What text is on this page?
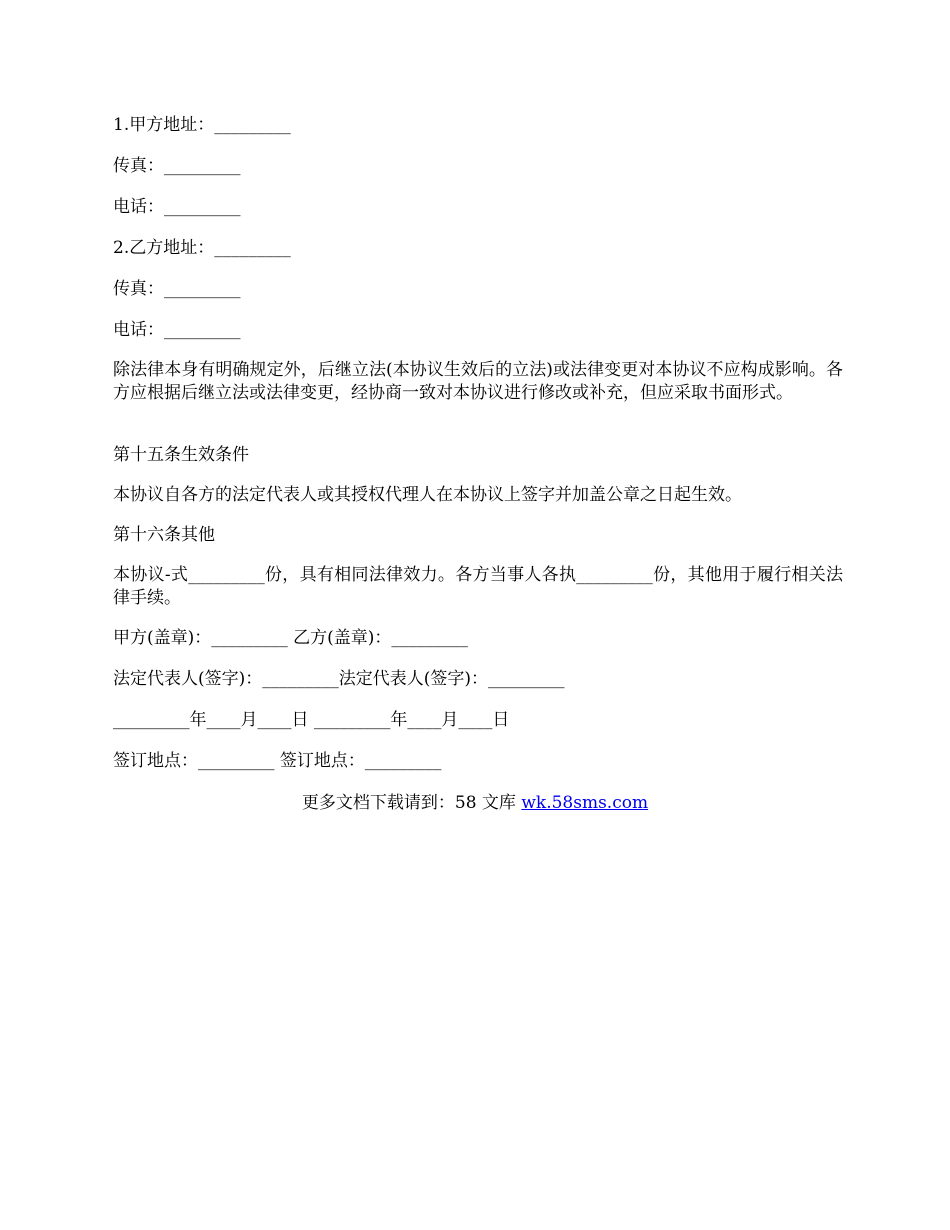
1.甲方地址：_________
传真：_________
电话：_________
2.乙方地址：_________
传真：_________
电话：_________
除法律本身有明确规定外，后继立法(本协议生效后的立法)或法律变更对本协议不应构成影响。各方应根据后继立法或法律变更，经协商一致对本协议进行修改或补充，但应采取书面形式。
第十五条生效条件
本协议自各方的法定代表人或其授权代理人在本协议上签字并加盖公章之日起生效。
第十六条其他
本协议-式_________份，具有相同法律效力。各方当事人各执_________份，其他用于履行相关法律手续。
甲方(盖章)：_________ 乙方(盖章)：_________
法定代表人(签字)：_________法定代表人(签字)：_________
_________年____月____日 _________年____月____日
签订地点：_________ 签订地点：_________
更多文档下载请到：58 文库 wk.58sms.com
